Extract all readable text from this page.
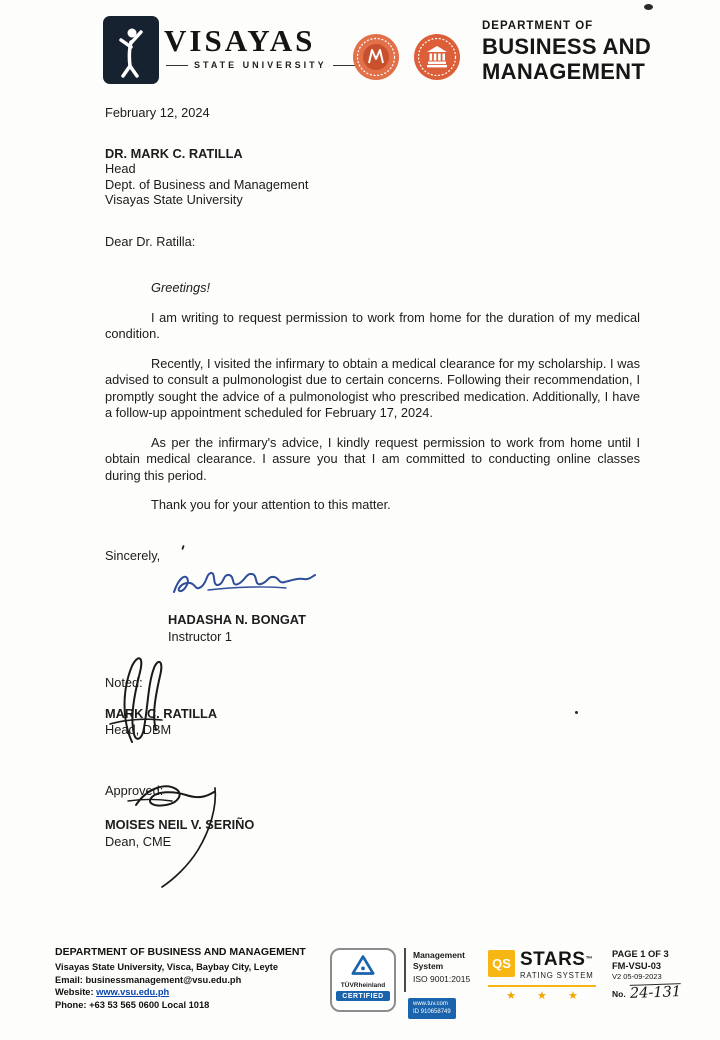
VISAYAS
STATE UNIVERSITY
DEPARTMENT OF
BUSINESS AND
MANAGEMENT

February 12, 2024

DR. MARK C. RATILLA

Head

Dept. of Business and Management

Visayas State University

Dear Dr. Ratilla:

Greetings!

I am writing to request permission to work from home for the duration of my medical condition.

Recently, I visited the infirmary to obtain a medical clearance for my scholarship. I was advised to consult a pulmonologist due to certain concerns. Following their recommendation, I promptly sought the advice of a pulmonologist who prescribed medication. Additionally, I have a follow-up appointment scheduled for February 17, 2024.

As per the infirmary's advice, I kindly request permission to work from home until I obtain medical clearance. I assure you that I am committed to conducting online classes during this period.

Thank you for your attention to this matter.

Sincerely,

HADASHA N. BONGAT

Instructor 1

Noted:

MARK C. RATILLA

Head, DBM

Approved:

MOISES NEIL V. SERIÑO

Dean, CME

DEPARTMENT OF BUSINESS AND MANAGEMENT
Visayas State University, Visca, Baybay City, Leyte
Email: businessmanagement@vsu.edu.ph
Website: www.vsu.edu.ph
Phone: +63 53 565 0600 Local 1018
TÜVRheinland
CERTIFIED
Management
System
ISO 9001:2015
www.tuv.com
ID 910658749
QS STARS™
RATING SYSTEM
★ ★ ★
PAGE 1 OF 3
FM-VSU-03
V2 05-09-2023
No. 24-131
